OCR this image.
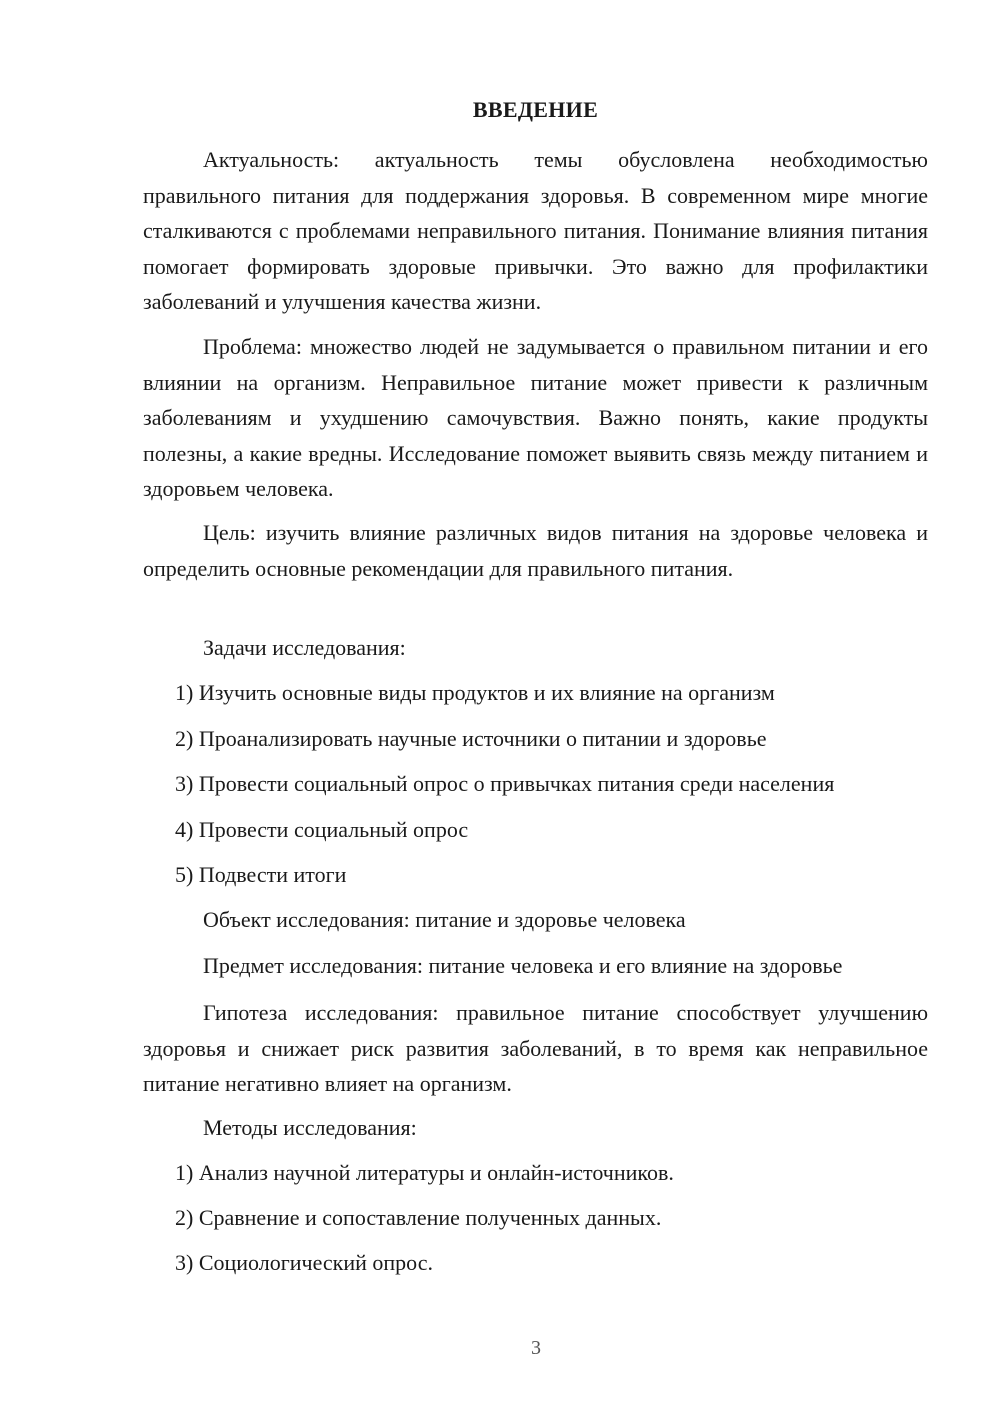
ВВЕДЕНИЕ

Актуальность: актуальность темы обусловлена необходимостью правильного питания для поддержания здоровья. В современном мире многие сталкиваются с проблемами неправильного питания. Понимание влияния питания помогает формировать здоровые привычки. Это важно для профилактики заболеваний и улучшения качества жизни.

Проблема: множество людей не задумывается о правильном питании и его влиянии на организм. Неправильное питание может привести к различным заболеваниям и ухудшению самочувствия. Важно понять, какие продукты полезны, а какие вредны. Исследование поможет выявить связь между питанием и здоровьем человека.

Цель: изучить влияние различных видов питания на здоровье человека и определить основные рекомендации для правильного питания.

Задачи исследования:

1) Изучить основные виды продуктов и их влияние на организм

2) Проанализировать научные источники о питании и здоровье

3) Провести социальный опрос о привычках питания среди населения

4) Провести социальный опрос

5) Подвести итоги

Объект исследования: питание и здоровье человека

Предмет исследования: питание человека и его влияние на здоровье

Гипотеза исследования: правильное питание способствует улучшению здоровья и снижает риск развития заболеваний, в то время как неправильное питание негативно влияет на организм.

Методы исследования:

1) Анализ научной литературы и онлайн-источников.

2) Сравнение и сопоставление полученных данных.

3) Социологический опрос.

3
